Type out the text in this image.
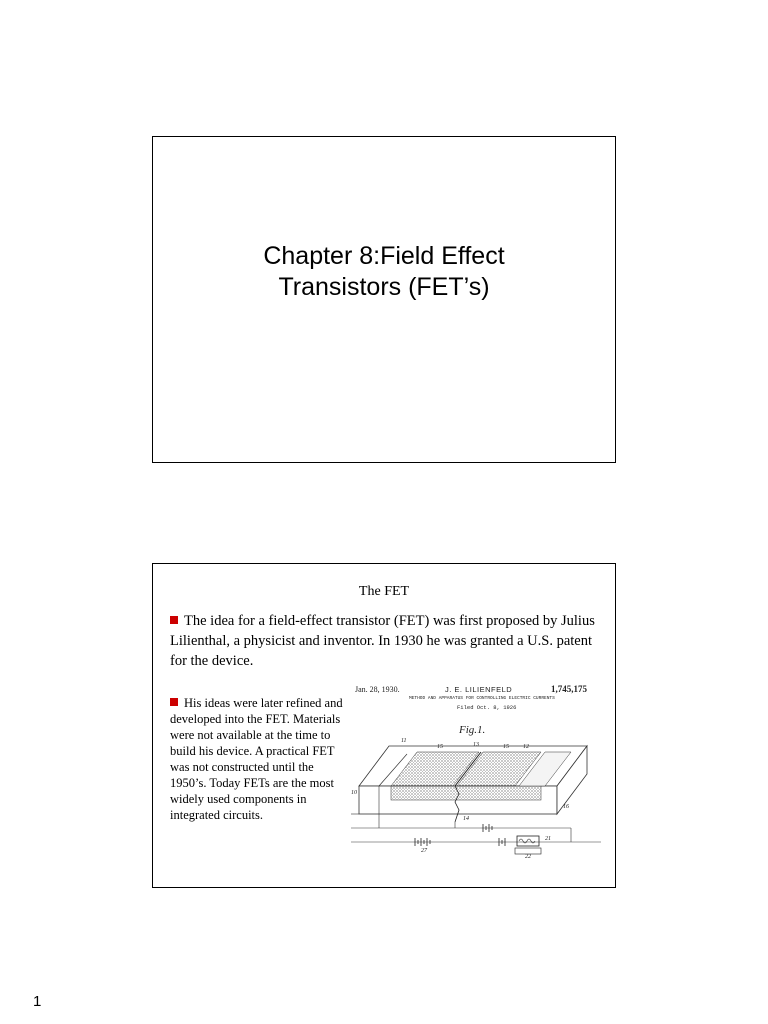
Chapter 8:Field Effect
Transistors (FET’s)
The FET
The idea for a field-effect transistor (FET) was first proposed by Julius Lilienthal, a physicist and inventor. In 1930 he was granted a U.S. patent for the device.
His ideas were later refined and developed into the FET. Materials were not available at the time to build his device. A practical FET was not constructed until the 1950’s. Today FETs are the most widely used components in integrated circuits.
Jan. 28, 1930.	J. E. LILIENFELD	1,745,175
METHOD AND APPARATUS FOR CONTROLLING ELECTRIC CURRENTS
Filed Oct. 8, 1926
Fig.1.
11
15	13	15 12
10
16
14
27
21
22
1
